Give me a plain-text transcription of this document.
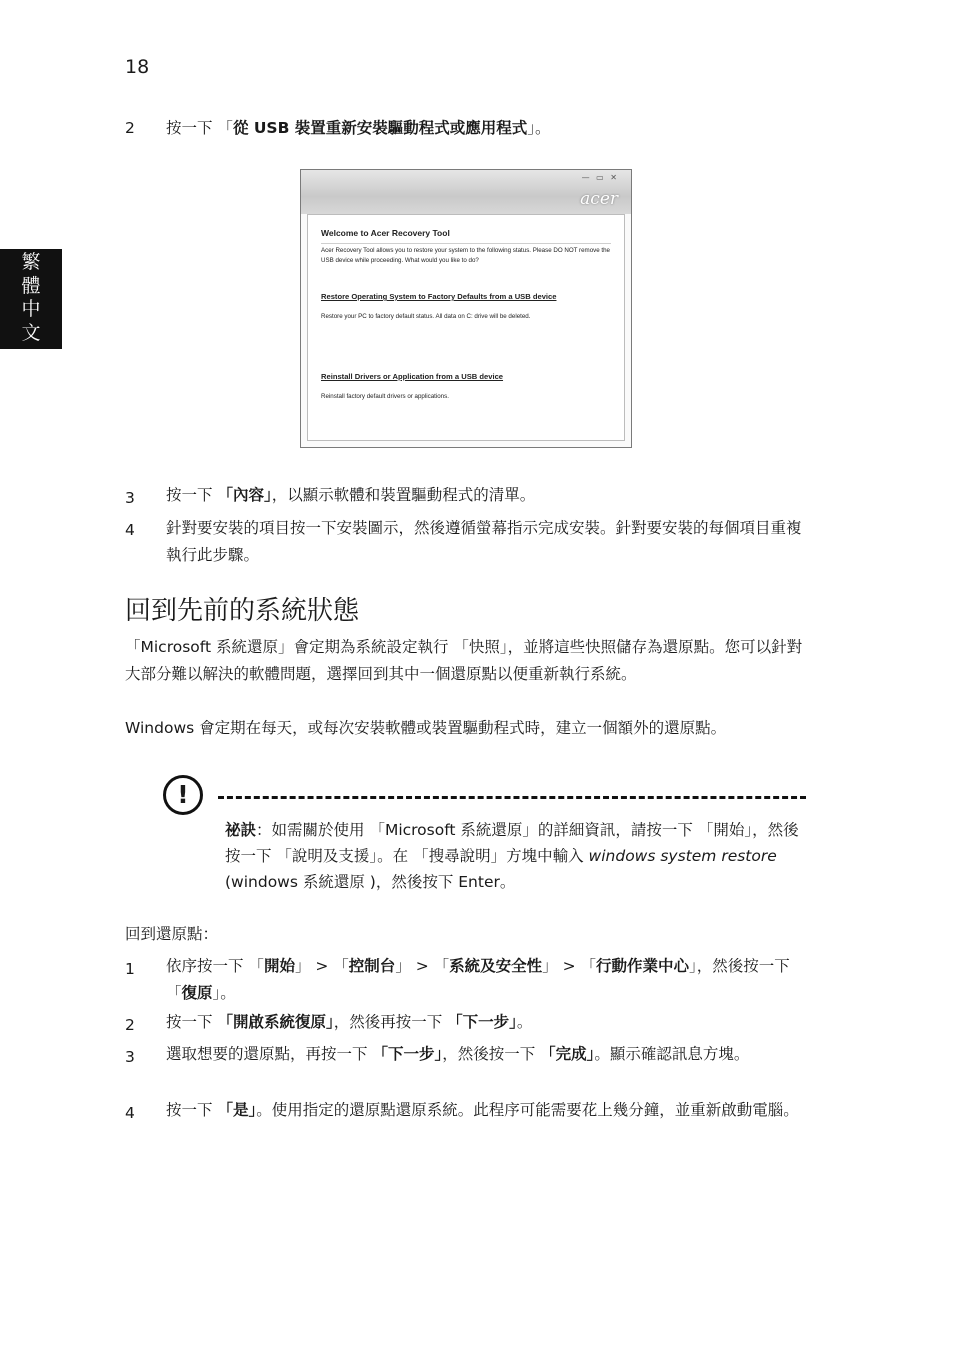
18
繁
體
中
文
2 按一下 「從 USB 裝置重新安裝驅動程式或應用程式」。
— ▭ ✕
acer
Welcome to Acer Recovery Tool
Acer Recovery Tool allows you to restore your system to the following status. Please DO NOT remove the USB device while proceeding. What would you like to do?
Restore Operating System to Factory Defaults from a USB device
Restore your PC to factory default status. All data on C: drive will be deleted.
Reinstall Drivers or Application from a USB device
Reinstall factory default drivers or applications.
3 按一下 「內容」，以顯示軟體和裝置驅動程式的清單。
4 針對要安裝的項目按一下安裝圖示，然後遵循螢幕指示完成安裝。針對要安裝的每個項目重複執行此步驟。
回到先前的系統狀態
「Microsoft 系統還原」會定期為系統設定執行 「快照」，並將這些快照儲存為還原點。您可以針對大部分難以解決的軟體問題，選擇回到其中一個還原點以便重新執行系統。
Windows 會定期在每天，或每次安裝軟體或裝置驅動程式時，建立一個額外的還原點。
!
祕訣：如需關於使用 「Microsoft 系統還原」的詳細資訊，請按一下 「開始」，然後按一下 「說明及支援」。在 「搜尋說明」方塊中輸入 windows system restore (windows 系統還原 )，然後按下 Enter。
回到還原點：
1 依序按一下 「開始」 > 「控制台」 > 「系統及安全性」 > 「行動作業中心」，然後按一下 「復原」。
2 按一下 「開啟系統復原」，然後再按一下 「下一步」。
3 選取想要的還原點，再按一下 「下一步」，然後按一下 「完成」。顯示確認訊息方塊。
4 按一下 「是」。使用指定的還原點還原系統。此程序可能需要花上幾分鐘，並重新啟動電腦。
